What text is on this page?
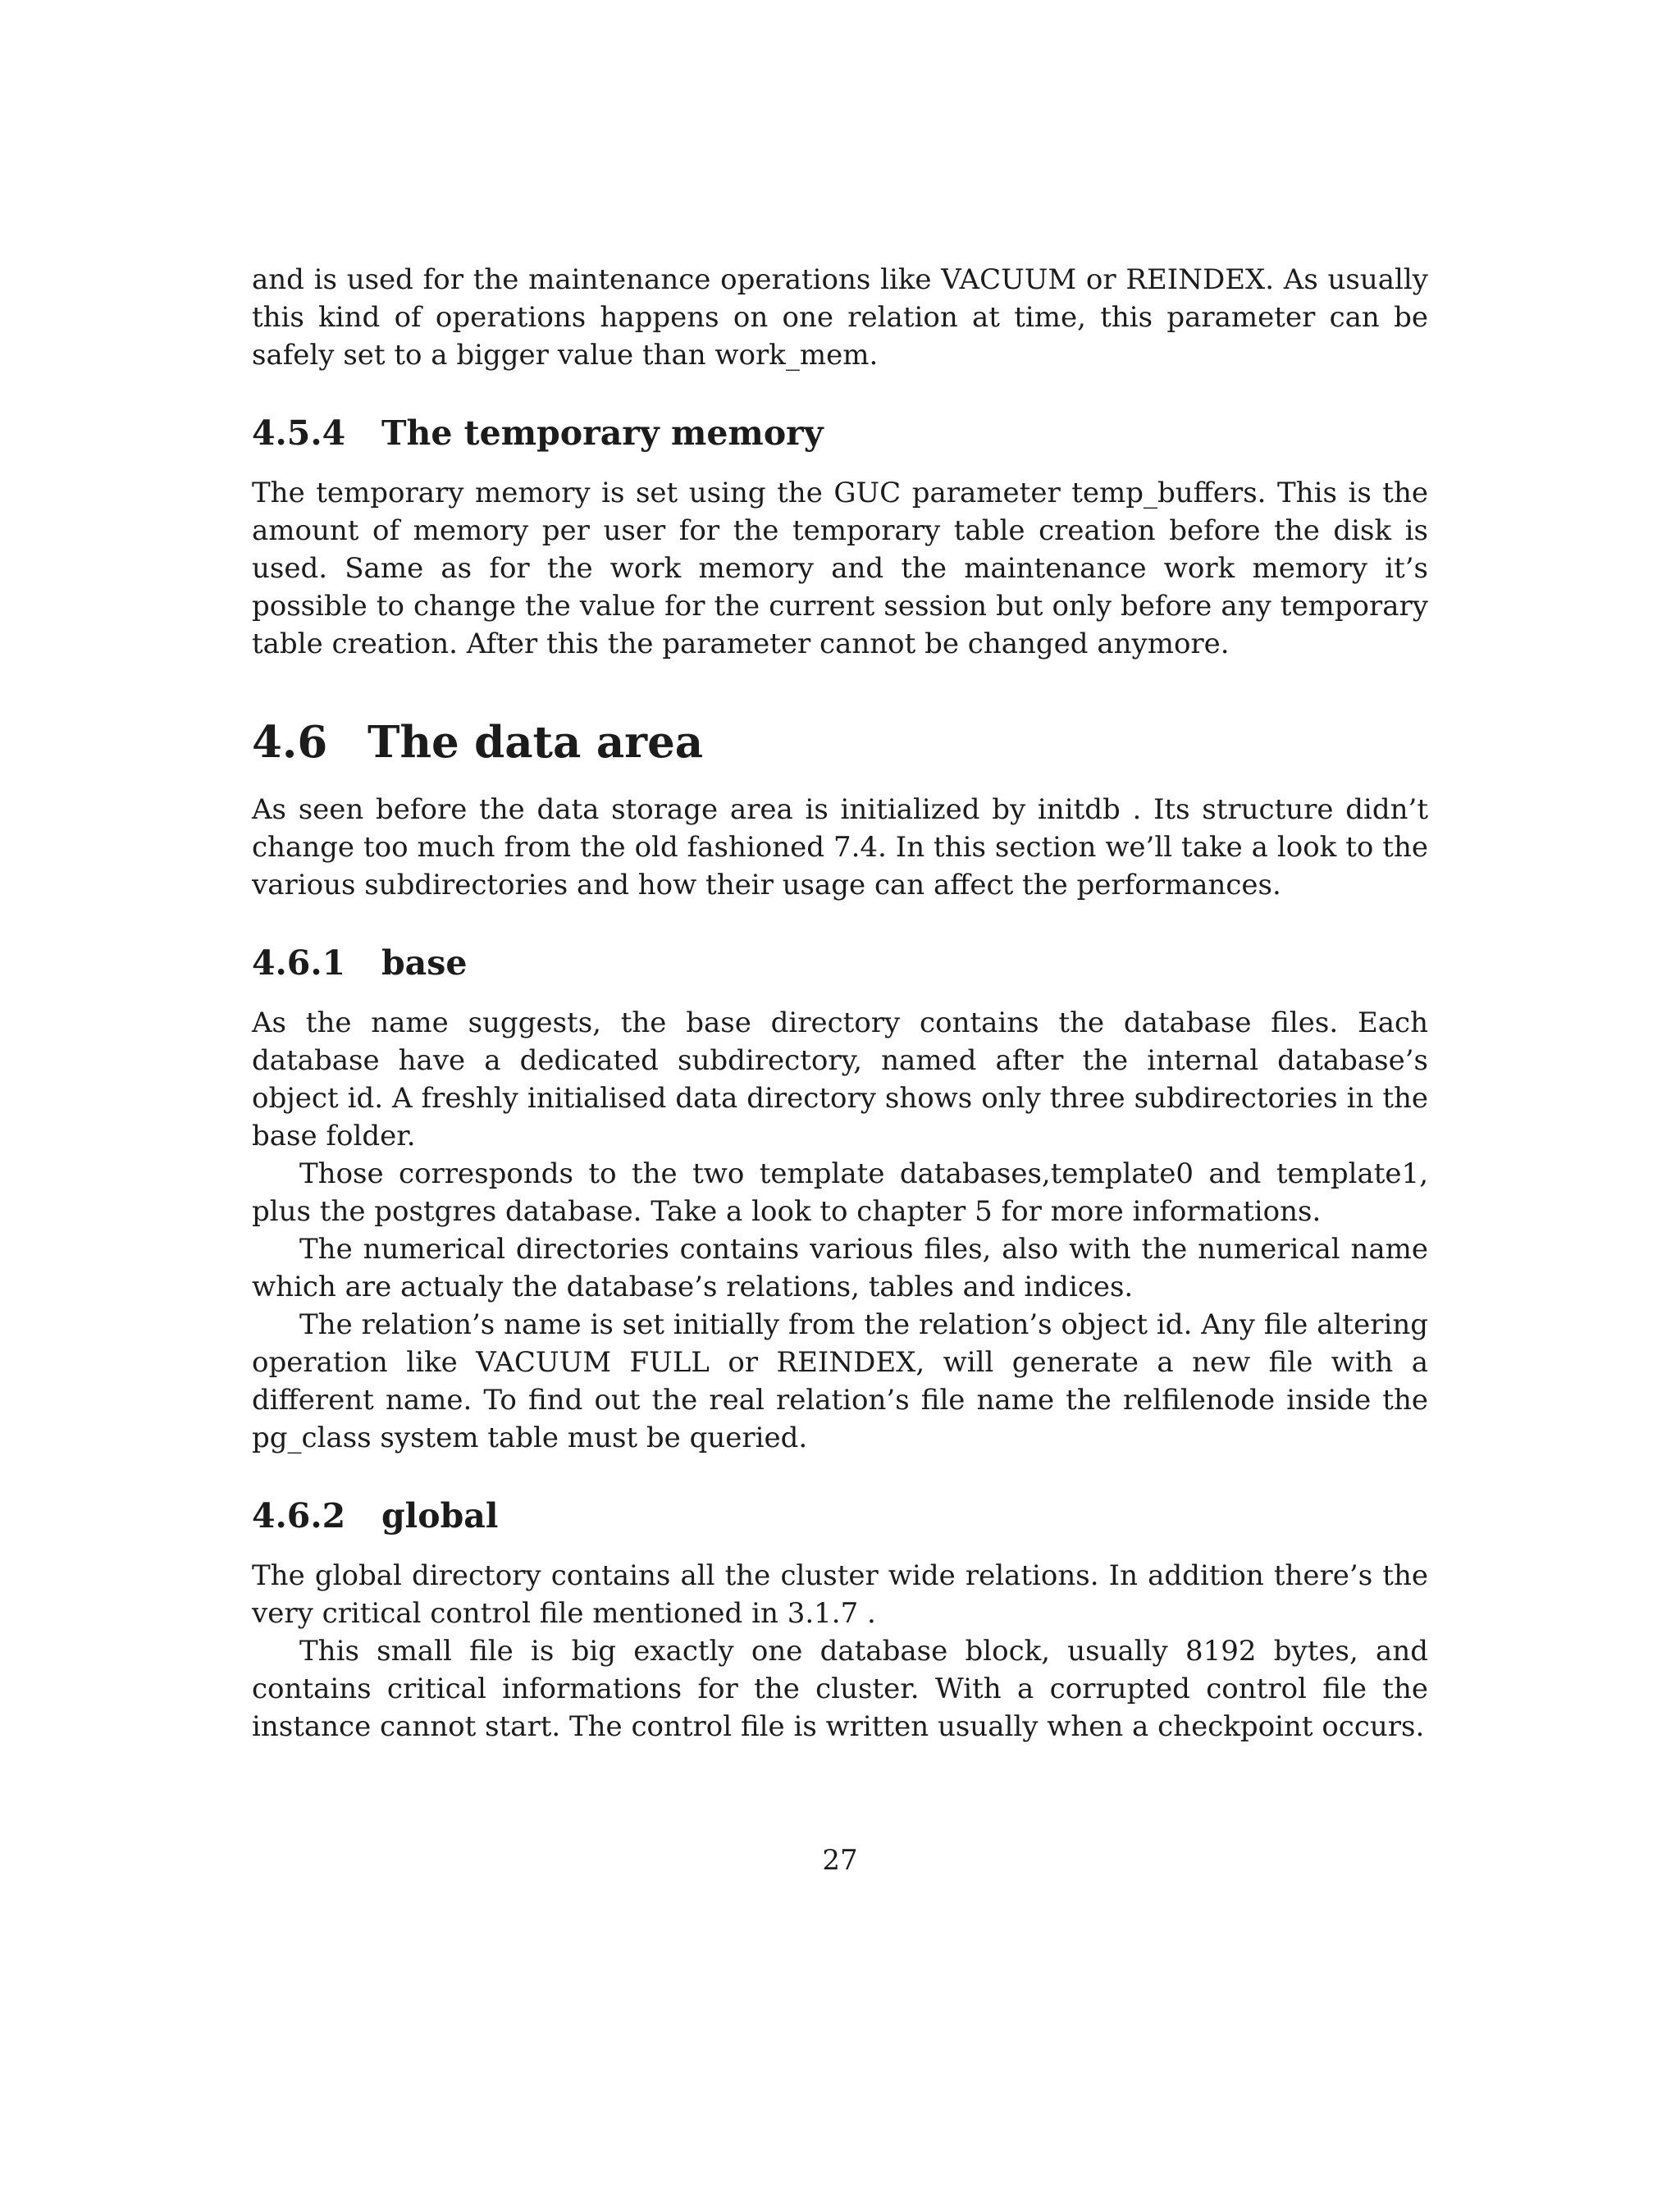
and is used for the maintenance operations like VACUUM or REINDEX. As usually this kind of operations happens on one relation at time, this parameter can be safely set to a bigger value than work_mem.

4.5.4 The temporary memory

The temporary memory is set using the GUC parameter temp_buffers. This is the amount of memory per user for the temporary table creation before the disk is used. Same as for the work memory and the maintenance work memory it’s possible to change the value for the current session but only before any temporary table creation. After this the parameter cannot be changed anymore.

4.6 The data area

As seen before the data storage area is initialized by initdb . Its structure didn’t change too much from the old fashioned 7.4. In this section we’ll take a look to the various subdirectories and how their usage can affect the performances.

4.6.1 base

As the name suggests, the base directory contains the database files. Each database have a dedicated subdirectory, named after the internal database’s object id. A freshly initialised data directory shows only three subdirectories in the base folder.

Those corresponds to the two template databases,template0 and template1, plus the postgres database. Take a look to chapter 5 for more informations.

The numerical directories contains various files, also with the numerical name which are actualy the database’s relations, tables and indices.

The relation’s name is set initially from the relation’s object id. Any file altering operation like VACUUM FULL or REINDEX, will generate a new file with a different name. To find out the real relation’s file name the relfilenode inside the pg_class system table must be queried.

4.6.2 global

The global directory contains all the cluster wide relations. In addition there’s the very critical control file mentioned in 3.1.7 .

This small file is big exactly one database block, usually 8192 bytes, and contains critical informations for the cluster. With a corrupted control file the instance cannot start. The control file is written usually when a checkpoint occurs.

27
